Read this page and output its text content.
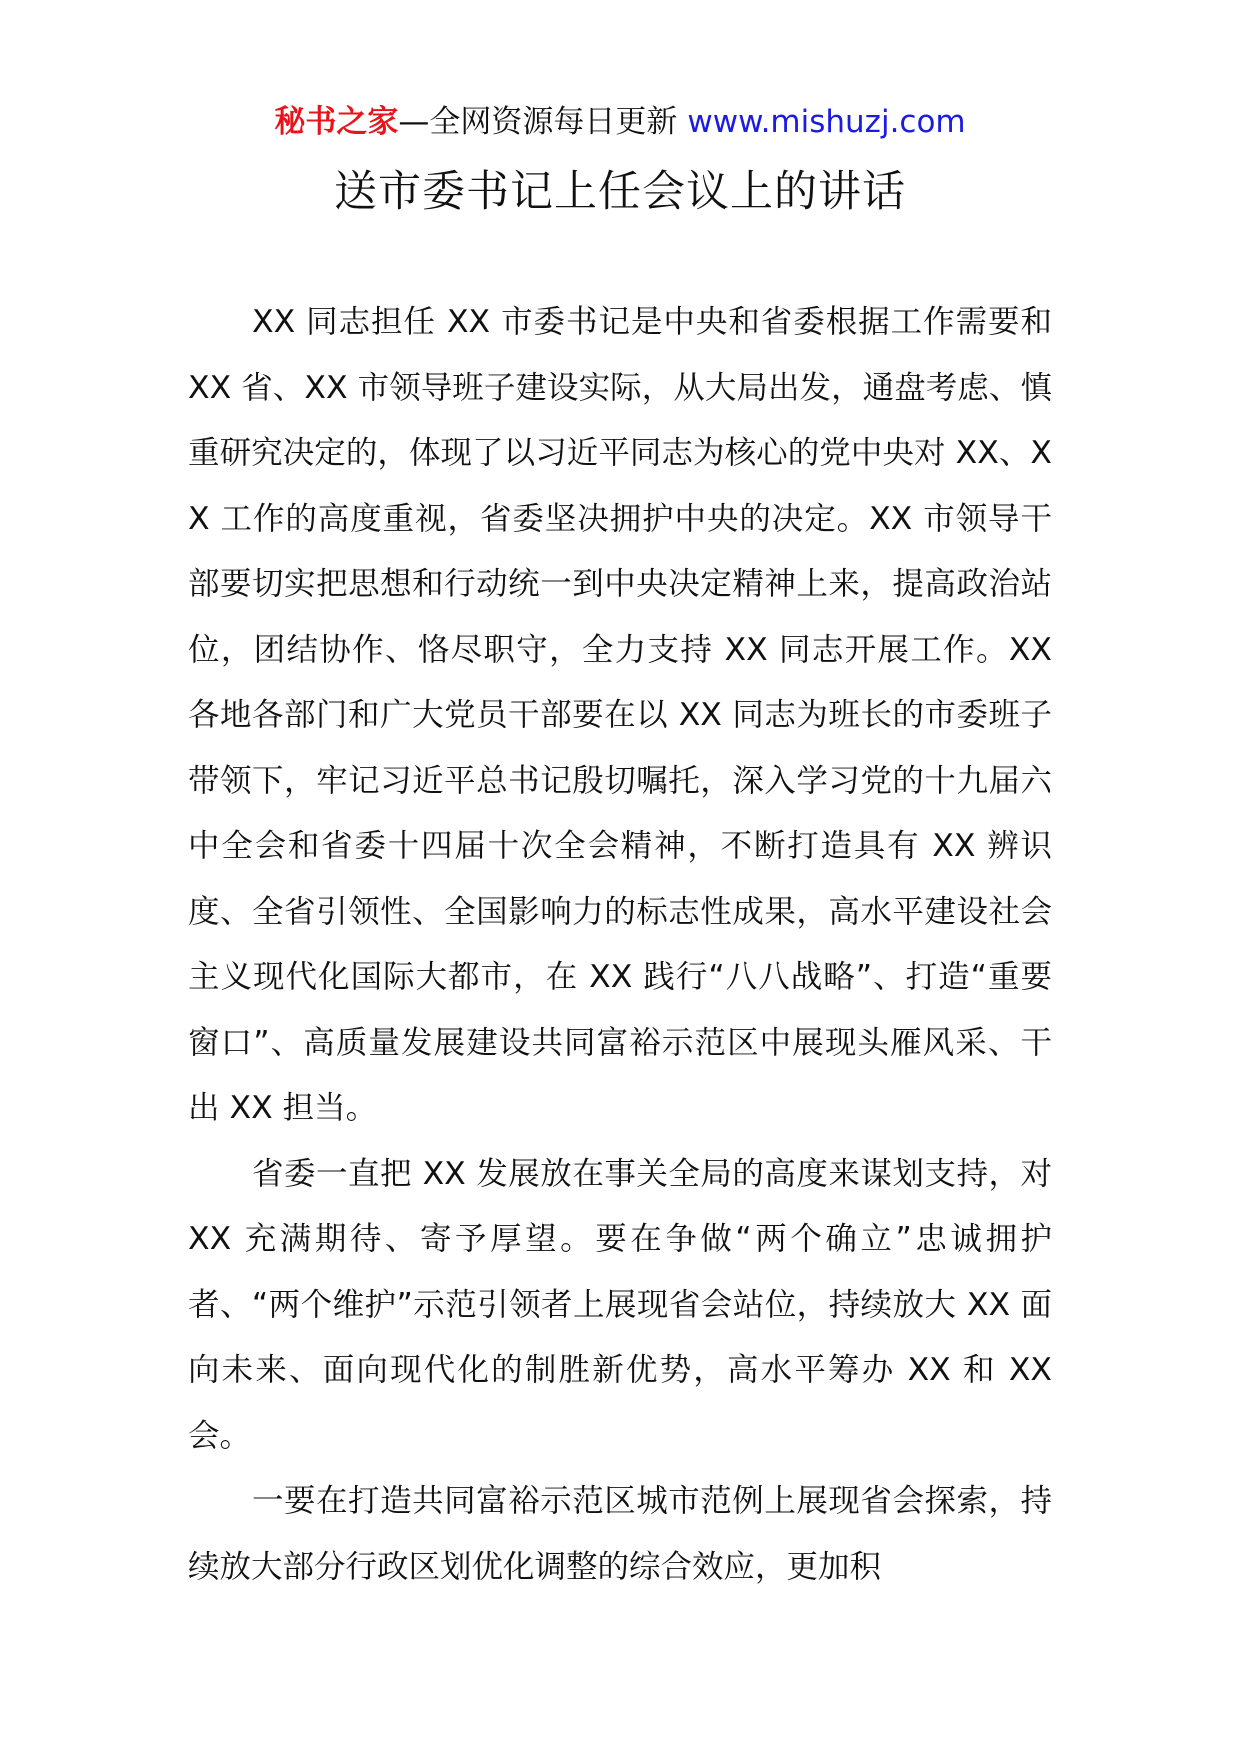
秘书之家—全网资源每日更新 www.mishuzj.com
送市委书记上任会议上的讲话

XX 同志担任 XX 市委书记是中央和省委根据工作需要和 XX 省、XX 市领导班子建设实际，从大局出发，通盘考虑、慎重研究决定的，体现了以习近平同志为核心的党中央对 XX、XX 工作的高度重视，省委坚决拥护中央的决定。XX 市领导干部要切实把思想和行动统一到中央决定精神上来，提高政治站位，团结协作、恪尽职守，全力支持 XX 同志开展工作。XX 各地各部门和广大党员干部要在以 XX 同志为班长的市委班子带领下，牢记习近平总书记殷切嘱托，深入学习党的十九届六中全会和省委十四届十次全会精神，不断打造具有 XX 辨识度、全省引领性、全国影响力的标志性成果，高水平建设社会主义现代化国际大都市，在 XX 践行“八八战略”、打造“重要窗口”、高质量发展建设共同富裕示范区中展现头雁风采、干出 XX 担当。

省委一直把 XX 发展放在事关全局的高度来谋划支持，对 XX 充满期待、寄予厚望。要在争做“两个确立”忠诚拥护者、“两个维护”示范引领者上展现省会站位，持续放大 XX 面向未来、面向现代化的制胜新优势，高水平筹办 XX 和 XX 会。

一要在打造共同富裕示范区城市范例上展现省会探索，持续放大部分行政区划优化调整的综合效应，更加积
